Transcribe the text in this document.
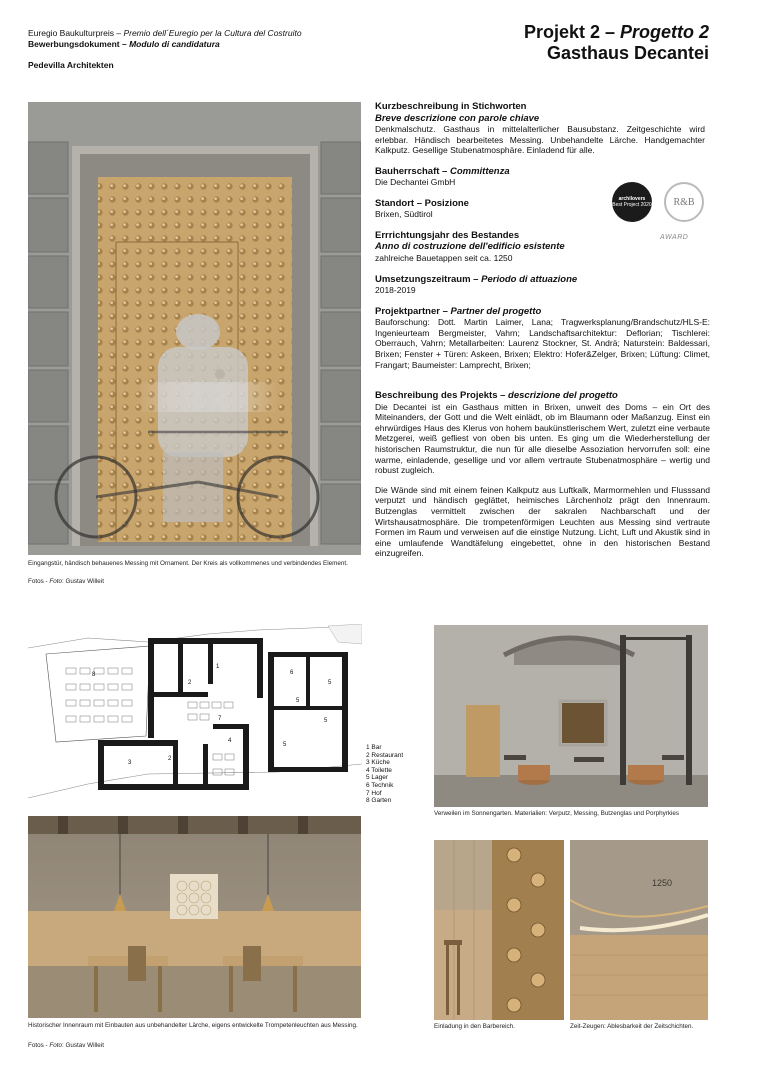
Euregio Baukulturpreis – Premio dell´Euregio per la Cultura del Costruito
Bewerbungsdokument – Modulo di candidatura
Pedevilla Architekten
Projekt 2 – Progetto 2
Gasthaus Decantei
Eingangstür, händisch behauenes Messing mit Ornament. Der Kreis als vollkommenes und verbindendes Element.
Fotos - Foto: Gustav Willeit
Kurzbeschreibung in Stichworten
Breve descrizione con parole chiave
Denkmalschutz. Gasthaus in mittelalterlicher Bausubstanz. Zeitgeschichte wird erlebbar. Händisch bearbeitetes Messing. Unbehandelte Lärche. Handgemachter Kalkputz. Gesellige Stubenatmosphäre. Einladend für alle.
Bauherrschaft – Committenza
Die Dechantei GmbH
Standort – Posizione
Brixen, Südtirol
Errrichtungsjahr des Bestandes
Anno di costruzione dell'edificio esistente
zahlreiche Bauetappen seit ca. 1250
Umsetzungszeitraum – Periodo di attuazione
2018-2019
Projektpartner – Partner del progetto
Bauforschung: Dott. Martin Laimer, Lana; Tragwerksplanung/Brandschutz/HLS-E: Ingenieurteam Bergmeister, Vahrn; Landschaftsarchitektur: Deflorian; Tischlerei: Oberrauch, Vahrn; Metallarbeiten: Laurenz Stockner, St. Andrä; Naturstein: Baldessari, Brixen; Fenster + Türen: Askeen, Brixen; Elektro: Hofer&Zelger, Brixen; Lüftung: Climet, Frangart; Baumeister: Lamprecht, Brixen;
Beschreibung des Projekts – descrizione del progetto
Die Decantei ist ein Gasthaus mitten in Brixen, unweit des Doms – ein Ort des Miteinanders, der Gott und die Welt einlädt, ob im Blaumann oder Maßanzug. Einst ein ehrwürdiges Haus des Klerus von hohem baukünstlerischem Wert, zuletzt eine verbaute Metzgerei, weiß gefliest von oben bis unten. Es ging um die Wiederherstellung der historischen Raumstruktur, die nun für alle dieselbe Assoziation hervorrufen soll: eine warme, einladende, gesellige und vor allem vertraute Stubenatmosphäre – wertig und robust zugleich.
Die Wände sind mit einem feinen Kalkputz aus Luftkalk, Marmormehlen und Flusssand verputzt und händisch geglättet, heimisches Lärchenholz prägt den Innenraum. Butzenglas vermittelt zwischen der sakralen Nachbarschaft und der Wirtshausatmosphäre. Die trompetenförmigen Leuchten aus Messing sind vertraute Formen im Raum und verweisen auf die einstige Nutzung. Licht, Luft und Akustik sind in eine umlaufende Wandtäfelung eingebettet, ohne in den historischen Bestand einzugreifen.
archilovers
Best Project 2020	R&B
AWARD
1
2
3
4
5
5
5
5
6
7
8
2
1 Bar
2 Restaurant
3 Küche
4 Toilette
5 Lager
6 Technik
7 Hof
8 Garten
Verweilen im Sonnengarten. Materialien: Verputz, Messing, Butzenglas und Porphyrkies
Historischer Innenraum mit Einbauten aus unbehandelter Lärche, eigens entwickelte Trompetenleuchten aus Messing.
Fotos - Foto: Gustav Willeit
Einladung in den Barbereich.
1250
Zeit-Zeugen: Ablesbarkeit der Zeitschichten.
